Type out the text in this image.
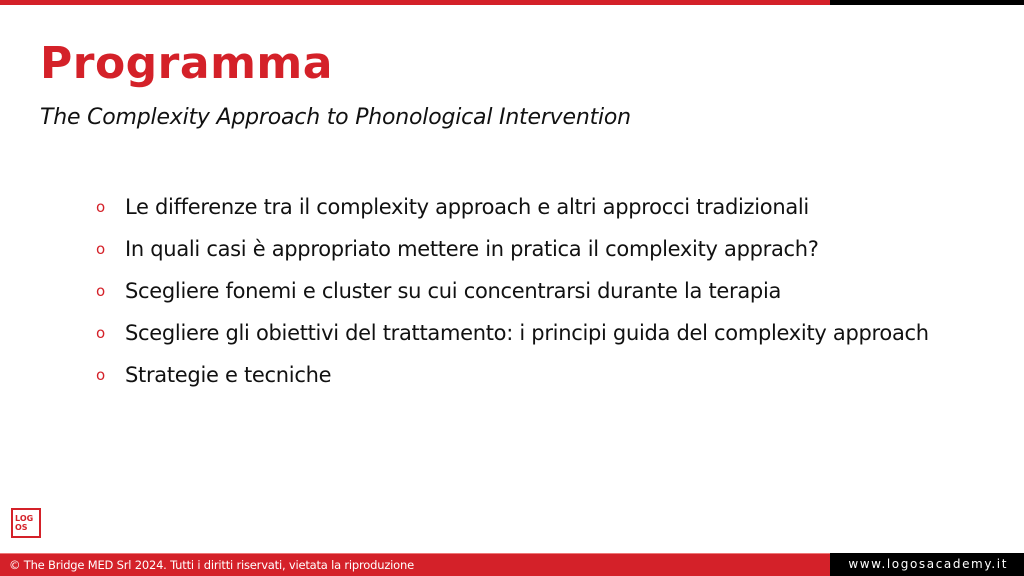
Programma
The Complexity Approach to Phonological Intervention
o Le differenze tra il complexity approach e altri approcci tradizionali
o In quali casi è appropriato mettere in pratica il complexity apprach?
o Scegliere fonemi e cluster su cui concentrarsi durante la terapia
o Scegliere gli obiettivi del trattamento: i principi guida del complexity approach
o Strategie e tecniche
LOG
OS
© The Bridge MED Srl 2024. Tutti i diritti riservati, vietata la riproduzione	www.logosacademy.it
